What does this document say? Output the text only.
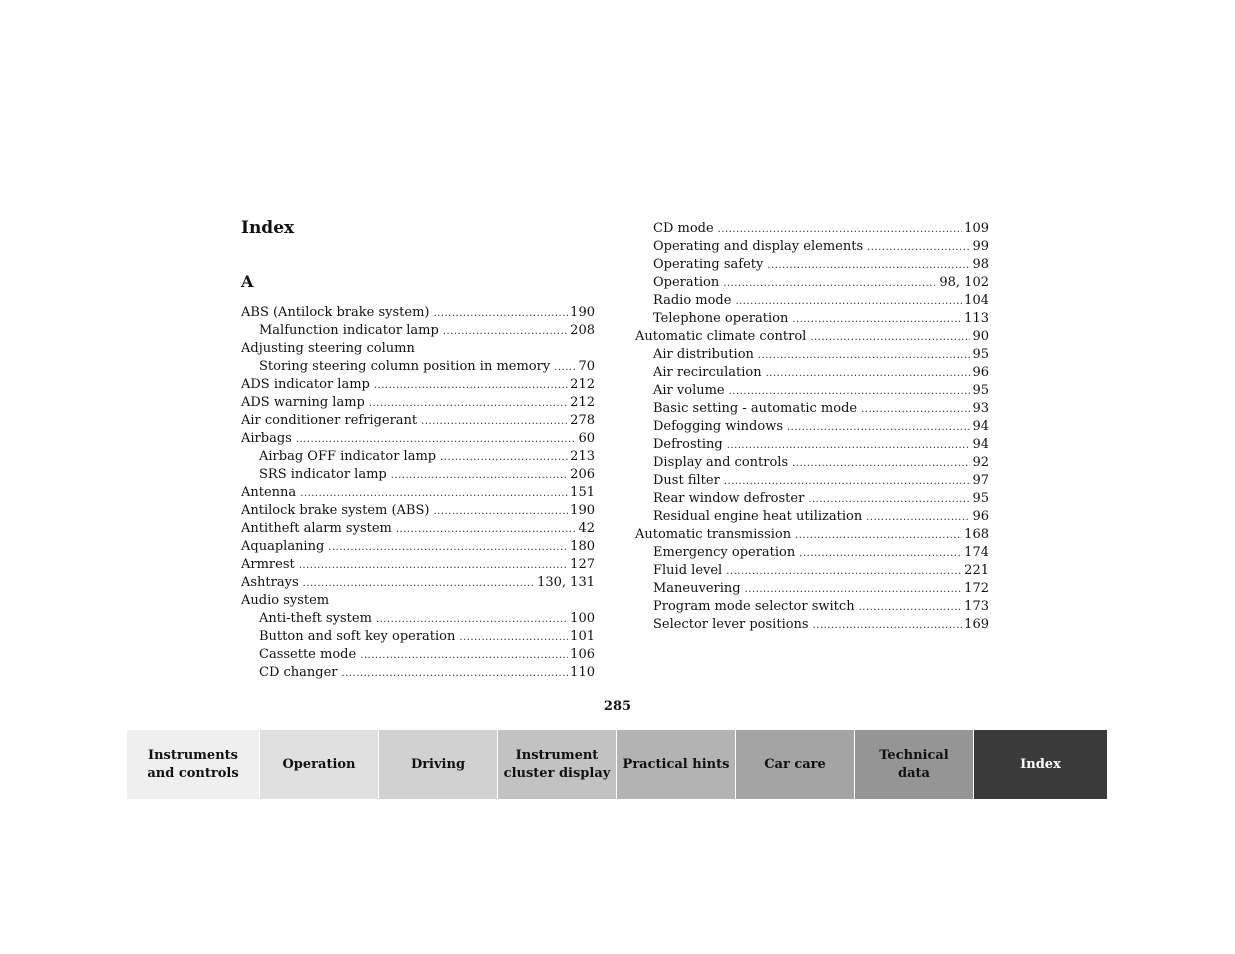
Index
A
ABS (Antilock brake system) .....	190
Malfunction indicator lamp .....	208
Adjusting steering column
Storing steering column position in memory .....	70
ADS indicator lamp .....	212
ADS warning lamp .....	212
Air conditioner refrigerant .....	278
Airbags .....	60
Airbag OFF indicator lamp .....	213
SRS indicator lamp .....	206
Antenna .....	151
Antilock brake system (ABS) .....	190
Antitheft alarm system .....	42
Aquaplaning .....	180
Armrest .....	127
Ashtrays .....	130, 131
Audio system
Anti-theft system .....	100
Button and soft key operation .....	101
Cassette mode .....	106
CD changer .....	110
CD mode .....	109
Operating and display elements .....	99
Operating safety .....	98
Operation .....	98, 102
Radio mode .....	104
Telephone operation .....	113
Automatic climate control .....	90
Air distribution .....	95
Air recirculation .....	96
Air volume .....	95
Basic setting - automatic mode .....	93
Defogging windows .....	94
Defrosting .....	94
Display and controls .....	92
Dust filter .....	97
Rear window defroster .....	95
Residual engine heat utilization .....	96
Automatic transmission .....	168
Emergency operation .....	174
Fluid level .....	221
Maneuvering .....	172
Program mode selector switch .....	173
Selector lever positions .....	169
285
Instruments
and controls
Operation	Driving
Instrument
cluster display
Practical hints	Car care
Technical
data
Index
